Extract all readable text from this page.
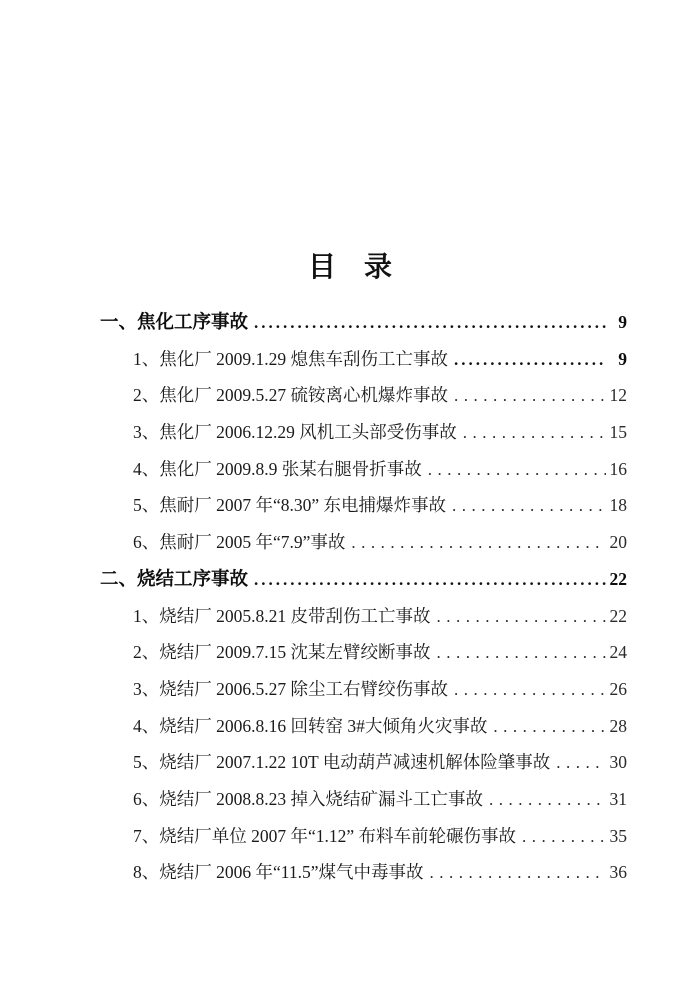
目　录
一、焦化工序事故 .....	9
1、焦化厂 2009.1.29 熄焦车刮伤工亡事故 .....	9
2、焦化厂 2009.5.27 硫铵离心机爆炸事故 .....	12
3、焦化厂 2006.12.29 风机工头部受伤事故 .....	15
4、焦化厂 2009.8.9 张某右腿骨折事故 .....	16
5、焦耐厂 2007 年“8.30” 东电捕爆炸事故 .....	18
6、焦耐厂 2005 年“7.9”事故 .....	20
二、烧结工序事故 .....	22
1、烧结厂 2005.8.21 皮带刮伤工亡事故 .....	22
2、烧结厂 2009.7.15 沈某左臂绞断事故 .....	24
3、烧结厂 2006.5.27 除尘工右臂绞伤事故 .....	26
4、烧结厂 2006.8.16 回转窑 3#大倾角火灾事故 .....	28
5、烧结厂 2007.1.22 10T 电动葫芦减速机解体险肇事故 .....	30
6、烧结厂 2008.8.23 掉入烧结矿漏斗工亡事故 .....	31
7、烧结厂单位 2007 年“1.12” 布料车前轮碾伤事故 .....	35
8、烧结厂 2006 年“11.5”煤气中毒事故 .....	36
